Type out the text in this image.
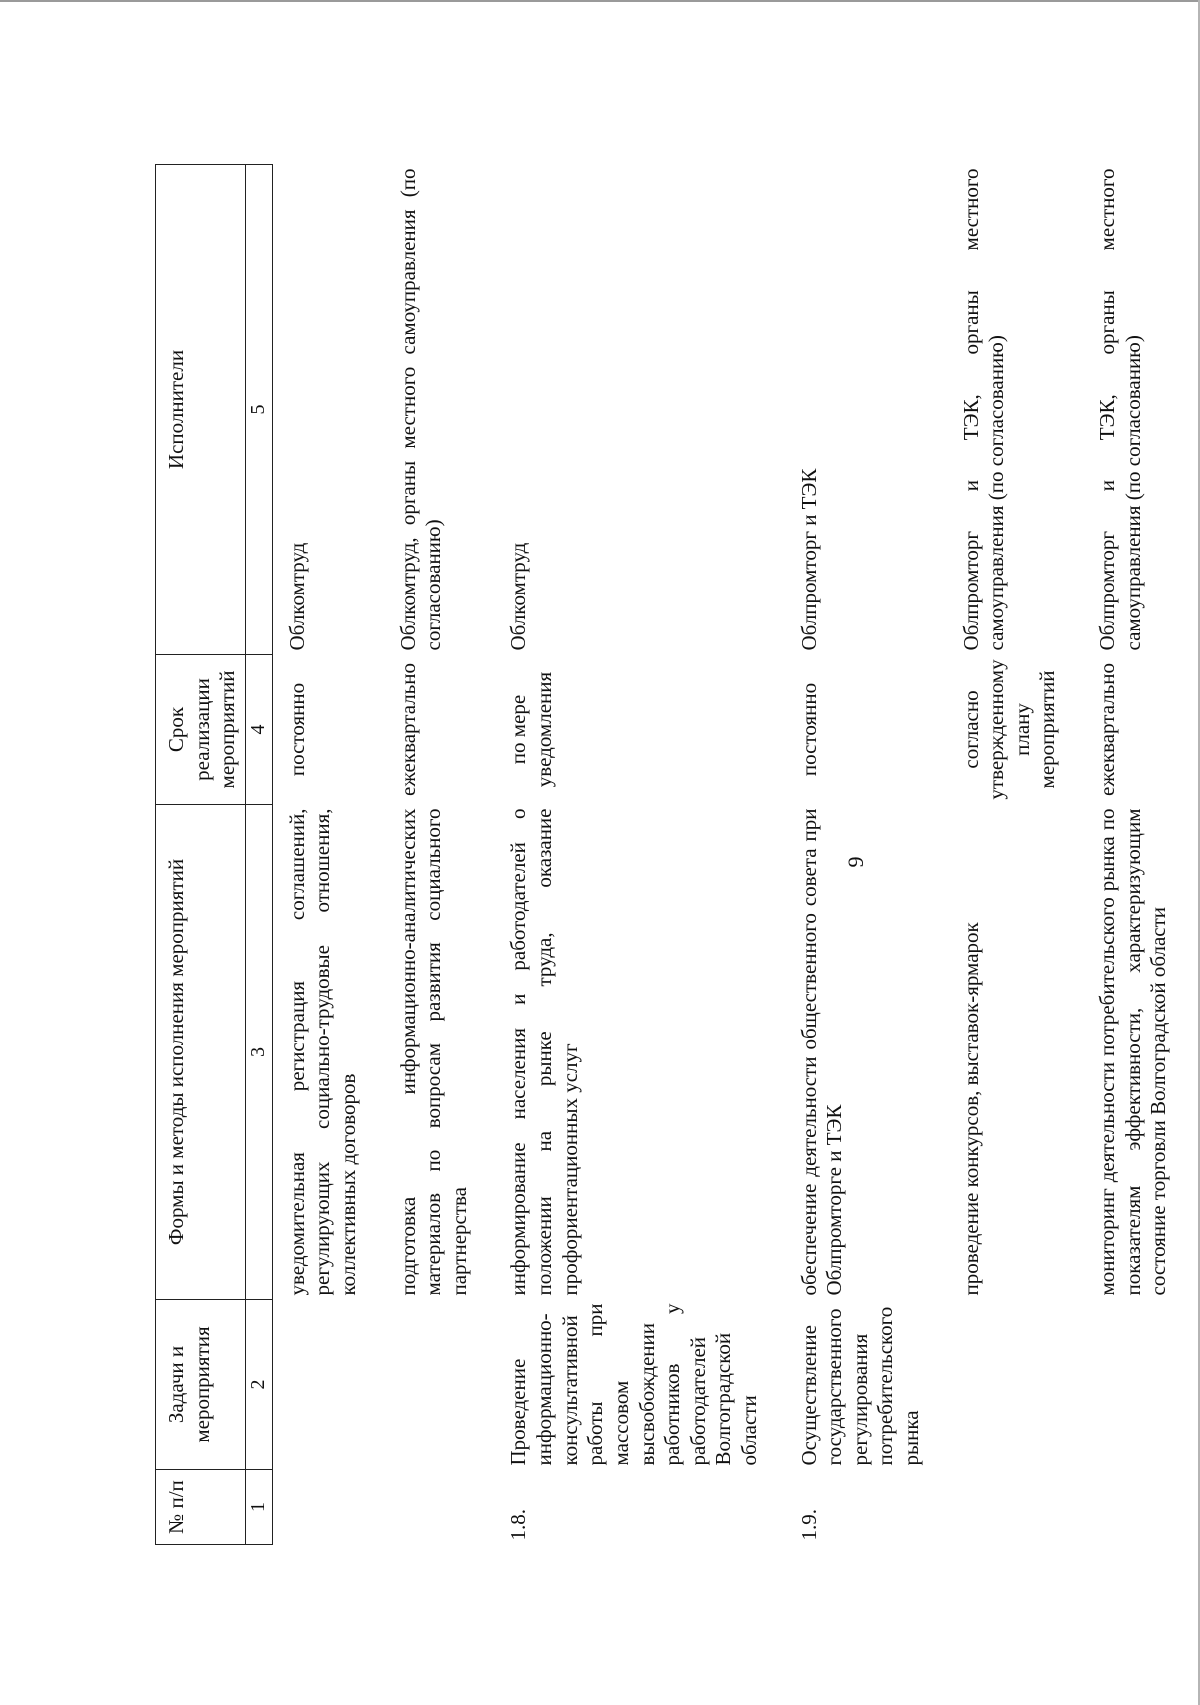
9
№ п/п	Задачи и мероприятия	Формы и методы исполнения мероприятий	Срок реализации мероприятий	Исполнители
1	2	3	4	5
		уведомительная регистрация соглашений, регулирующих социально-трудовые отношения, коллективных договоров	постоянно	Облкомтруд
		подготовка информационно-аналитических материалов по вопросам развития социального партнерства	ежеквартально	Облкомтруд, органы местного самоуправления (по согласованию)
1.8.	Проведение информационно-консультативной работы при массовом высвобождении работников у работодателей Волгоградской области	информирование населения и работодателей о положении на рынке труда, оказание профориентационных услуг	по мере уведомления	Облкомтруд
1.9.	Осуществление государственного регулирования потребительского рынка	обеспечение деятельности общественного совета при Облпромторге и ТЭК	постоянно	Облпромторг и ТЭК
		проведение конкурсов, выставок-ярмарок	согласно утвержденному плану мероприятий	Облпромторг и ТЭК, органы местного самоуправления (по согласованию)
		мониторинг деятельности потребительского рынка по показателям эффективности, характеризующим состояние торговли Волгоградской области	ежеквартально	Облпромторг и ТЭК, органы местного самоуправления (по согласованию)
